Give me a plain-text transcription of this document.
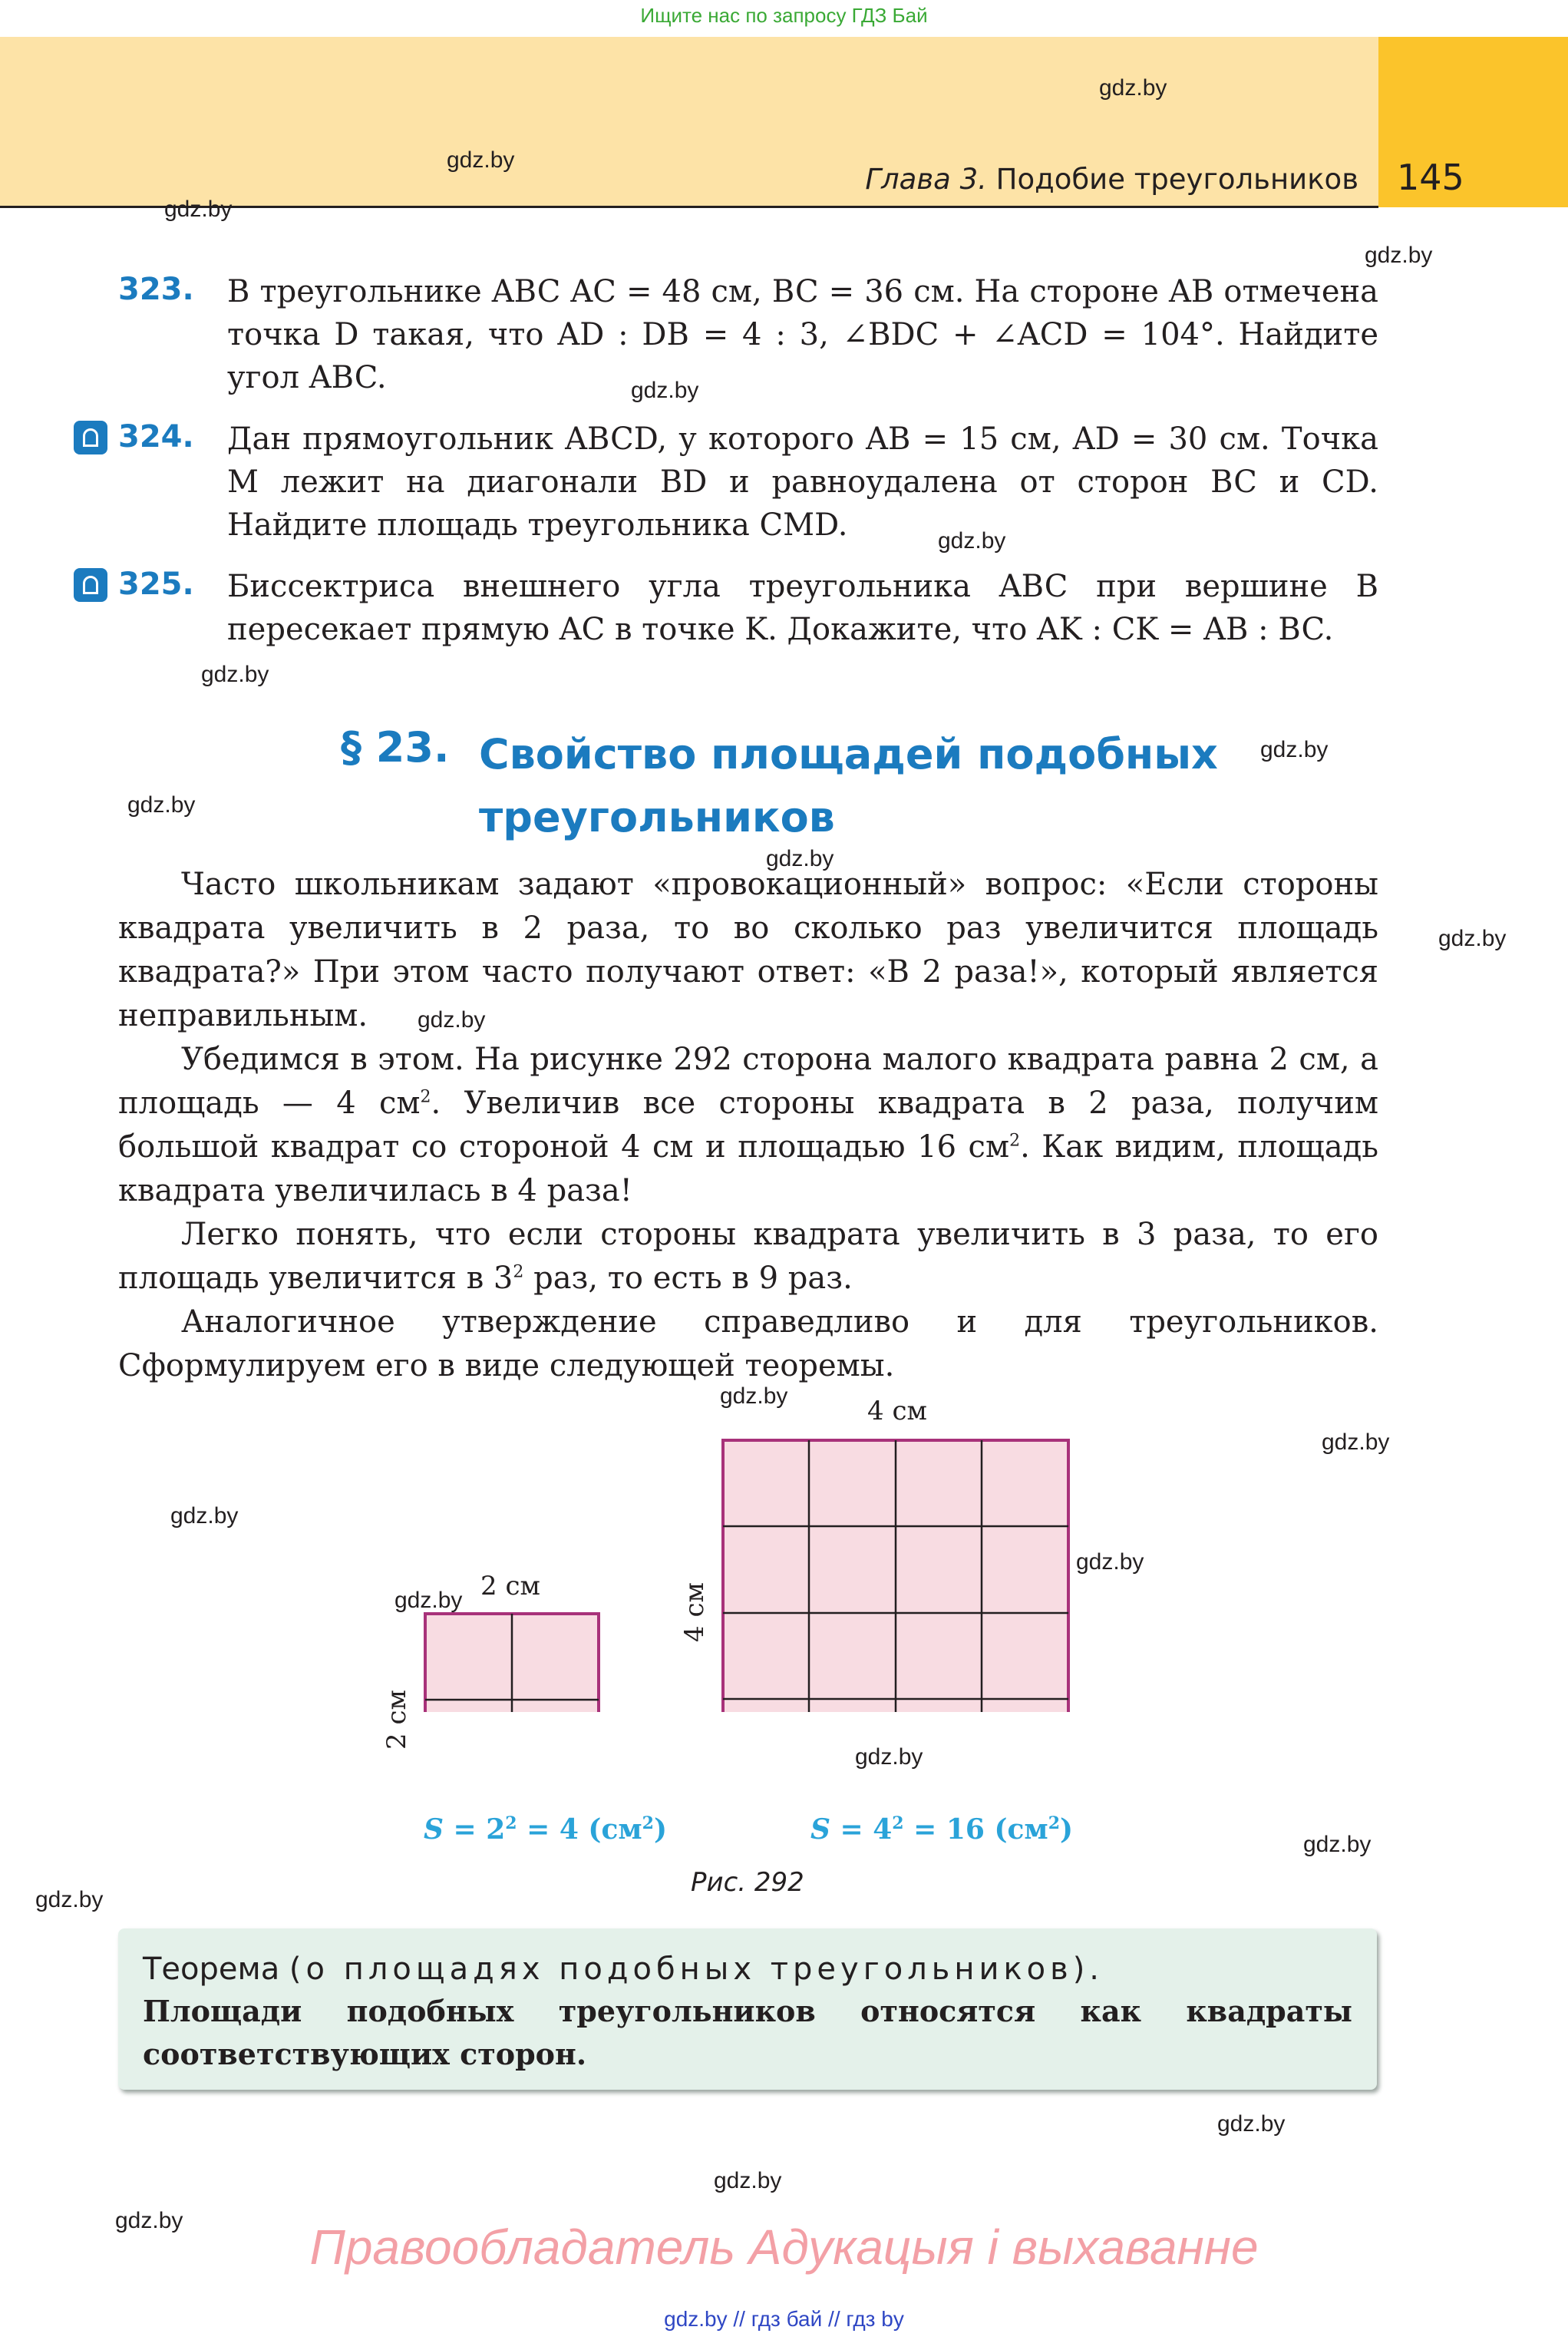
Ищите нас по запросу ГДЗ Бай
Глава 3. Подобие треугольников 145
gdz.by
gdz.by
gdz.by
gdz.by
gdz.by
gdz.by
gdz.by
gdz.by
gdz.by
gdz.by
gdz.by
gdz.by
gdz.by
gdz.by
gdz.by
gdz.by
gdz.by
gdz.by
gdz.by
gdz.by
gdz.by
gdz.by
gdz.by
323. В треугольнике ABC AC = 48 см, BC = 36 см. На стороне AB отмечена точка D такая, что AD : DB = 4 : 3, ∠BDC + ∠ACD = 104°. Найдите угол ABC.
324. Дан прямоугольник ABCD, у которого AB = 15 см, AD = 30 см. Точка M лежит на диагонали BD и равноудалена от сторон BC и CD. Найдите площадь треугольника CMD.
325. Биссектриса внешнего угла треугольника ABC при вершине B пересекает прямую AC в точке K. Докажите, что AK : CK = AB : BC.
§ 23. Свойство площадей подобных
треугольников

Часто школьникам задают «провокационный» вопрос: «Если стороны квадрата увеличить в 2 раза, то во сколько раз увеличится площадь квадрата?» При этом часто получают ответ: «В 2 раза!», который является неправильным.

Убедимся в этом. На рисунке 292 сторона малого квадрата равна 2 см, а площадь — 4 $см^2$. Увеличив все стороны квадрата в 2 раза, получим большой квадрат со стороной 4 см и площадью 16 $см^2$. Как видим, площадь квадрата увеличилась в 4 раза!

Легко понять, что если стороны квадрата увеличить в 3 раза, то его площадь увеличится в $3^2$ раз, то есть в 9 раз.

Аналогичное утверждение справедливо и для треугольников. Сформулируем его в виде следующей теоремы.

2 см
2 см
4 см
4 см
$S = 2^2 = 4$ $(см^2)$	$S = 4^2 = 16$ $(см^2)$
Рис. 292
Теорема (о площадях подобных треугольников).
Площади подобных треугольников относятся как квадраты соответствующих сторон.
Правообладатель Адукацыя і выхаванне
gdz.by // гдз бай // гдз by
